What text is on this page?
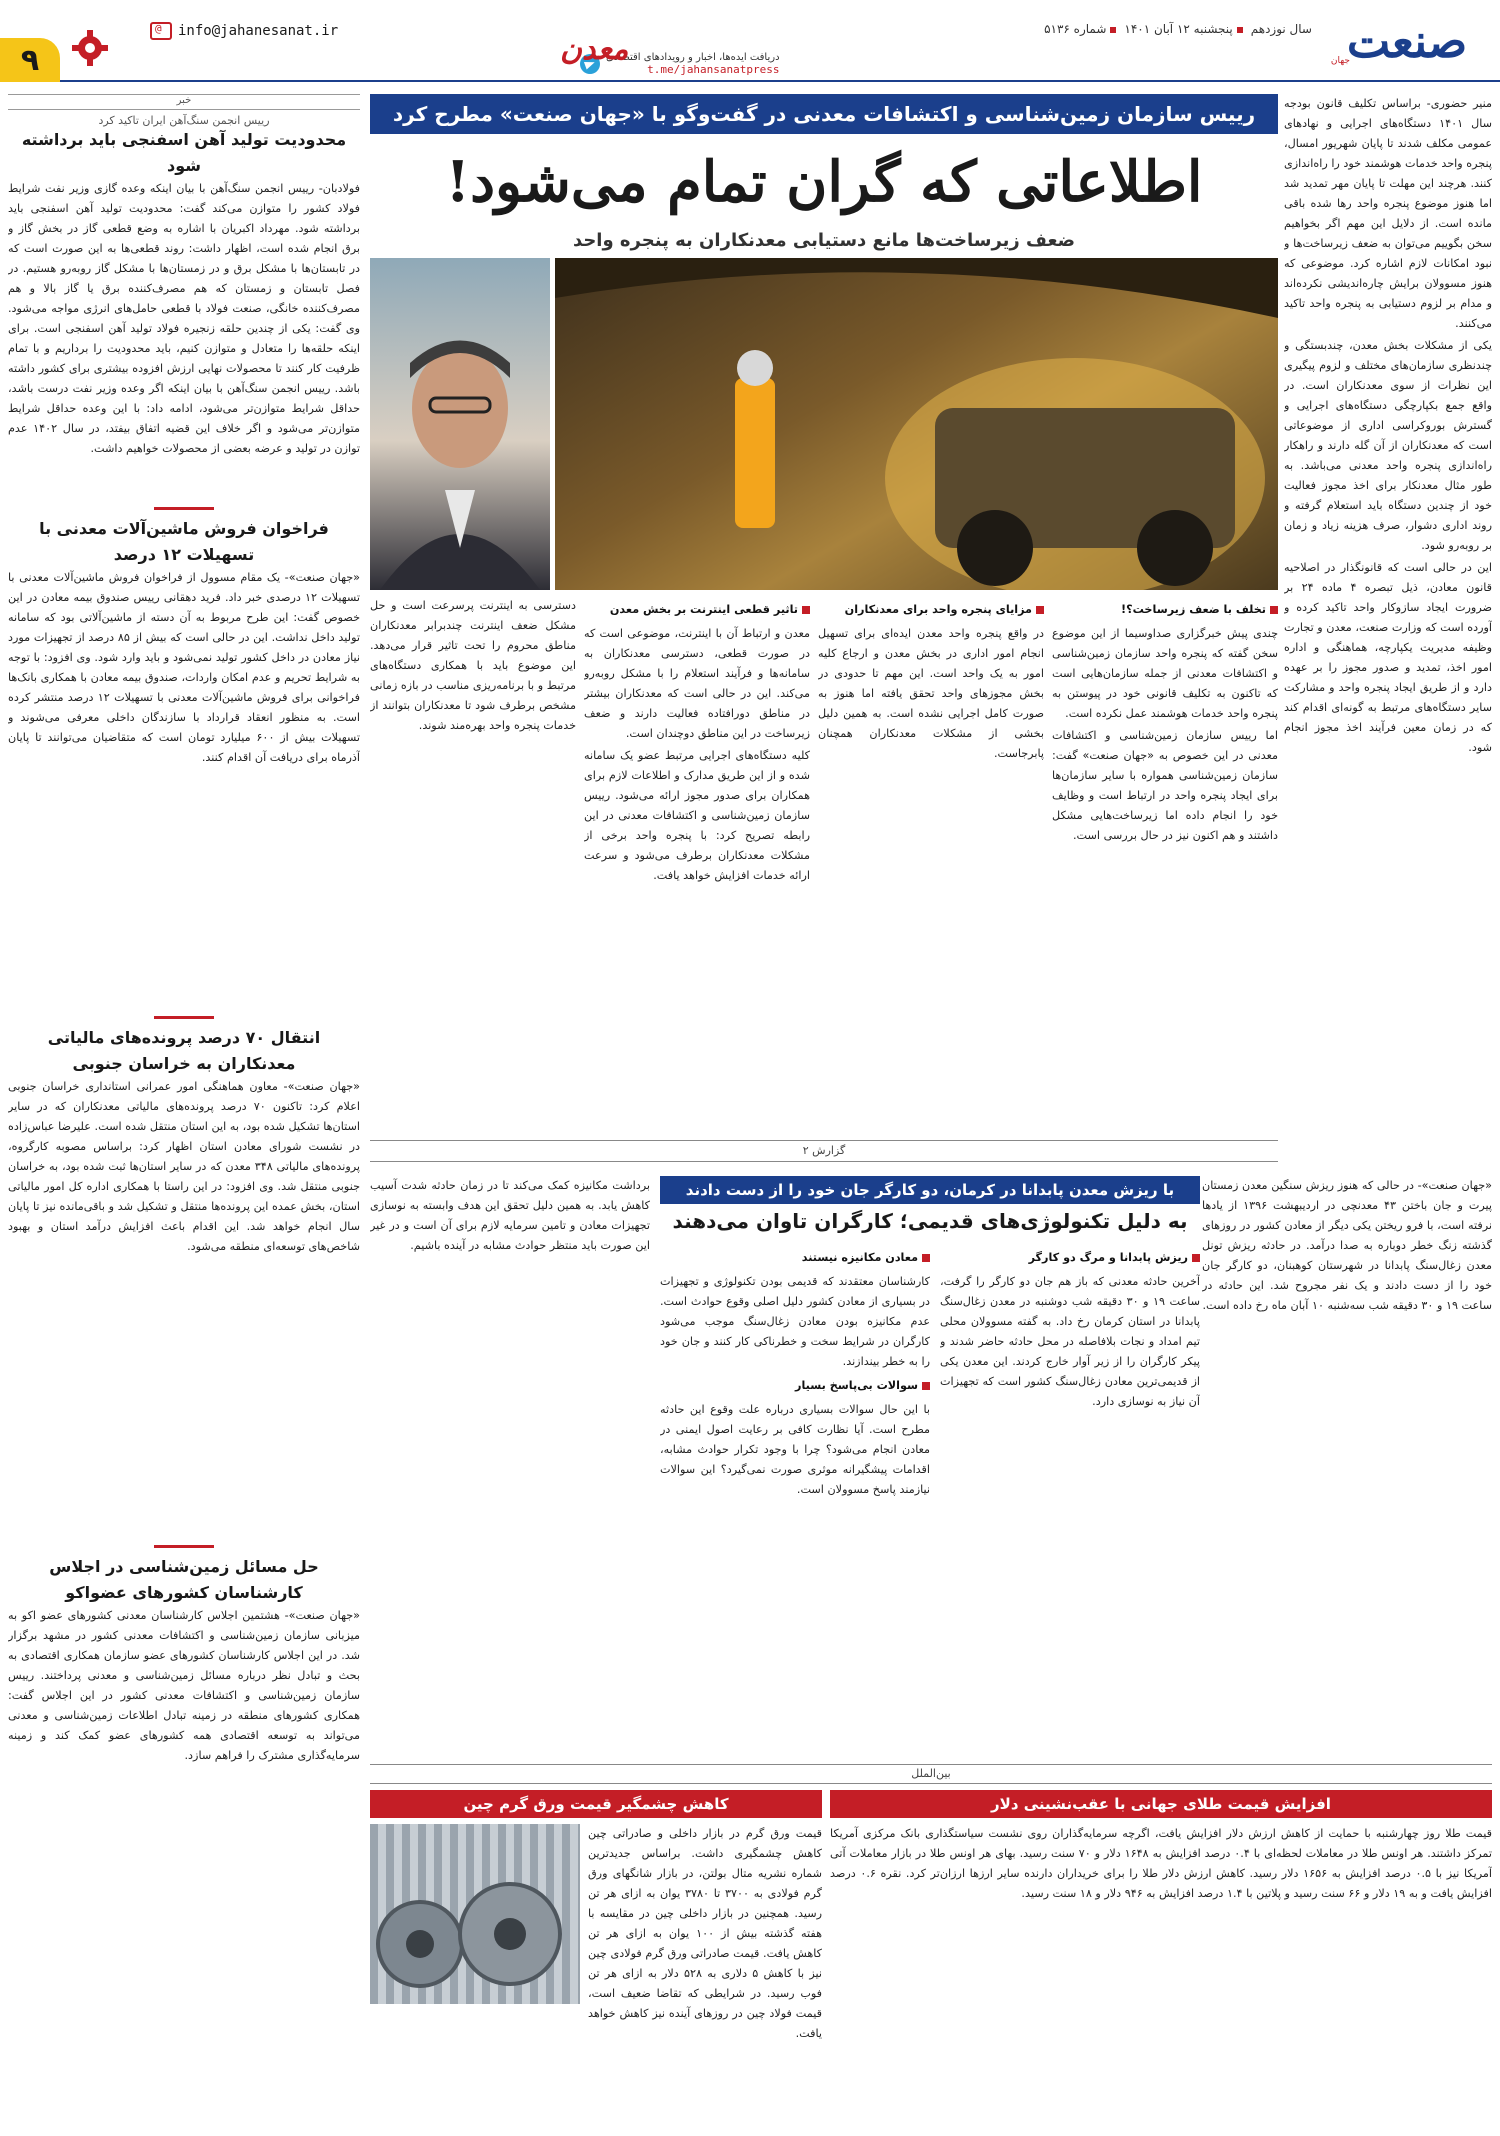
صنعت
جهان
سال نوزدهمپنجشنبه ۱۲ آبان ۱۴۰۱شماره ۵۱۳۶
دریافت ایده‌ها، اخبار و رویدادهای اقتصادی
t.me/jahansanatpress
معدن
info@jahanesanat.ir
@
۹
رییس سازمان زمین‌شناسی و اکتشافات معدنی در گفت‌وگو با «جهان صنعت» مطرح کرد
اطلاعاتی که گران تمام می‌شود!
ضعف زیرساخت‌ها مانع دستیابی معدنکاران به پنجره واحد

منیر حضوری- براساس تکلیف قانون بودجه سال ۱۴۰۱ دستگاه‌های اجرایی و نهادهای عمومی مکلف شدند تا پایان شهریور امسال، پنجره واحد خدمات هوشمند خود را راه‌اندازی کنند. هرچند این مهلت تا پایان مهر تمدید شد اما هنوز موضوع پنجره واحد رها شده باقی مانده است. از دلایل این مهم اگر بخواهیم سخن بگوییم می‌توان به ضعف زیرساخت‌ها و نبود امکانات لازم اشاره کرد. موضوعی که هنوز مسوولان برایش چاره‌اندیشی نکرده‌اند و مدام بر لزوم دستیابی به پنجره واحد تاکید می‌کنند.

یکی از مشکلات بخش معدن، چندبستگی و چندنظری سازمان‌های مختلف و لزوم پیگیری این نظرات از سوی معدنکاران است. در واقع جمع بکپارچگی دستگاه‌های اجرایی و گسترش بوروکراسی اداری از موضوعاتی است که معدنکاران از آن گله دارند و راهکار راه‌اندازی پنجره واحد معدنی می‌باشد. به طور مثال معدنکار برای اخذ مجوز فعالیت خود از چندین دستگاه باید استعلام گرفته و روند اداری دشوار، صرف هزینه زیاد و زمان بر روبه‌رو شود.

این در حالی است که قانونگذار در اصلاحیه قانون معادن، ذیل تبصره ۴ ماده ۲۴ بر ضرورت ایجاد سازوکار واحد تاکید کرده و آورده است که وزارت صنعت، معدن و تجارت وظیفه مدیریت یکپارچه، هماهنگی و اداره امور اخذ، تمدید و صدور مجوز را بر عهده دارد و از طریق ایجاد پنجره واحد و مشارکت سایر دستگاه‌های مرتبط به گونه‌ای اقدام کند که در زمان معین فرآیند اخذ مجوز انجام شود.

تخلف با ضعف زیرساخت؟!

چندی پیش خبرگزاری صداوسیما از این موضوع سخن گفته که پنجره واحد سازمان زمین‌شناسی و اکتشافات معدنی از جمله سازمان‌هایی است که تاکنون به تکلیف قانونی خود در پیوستن به پنجره واحد خدمات هوشمند عمل نکرده است.

اما رییس سازمان زمین‌شناسی و اکتشافات معدنی در این خصوص به «جهان صنعت» گفت: سازمان زمین‌شناسی همواره با سایر سازمان‌ها برای ایجاد پنجره واحد در ارتباط است و وظایف خود را انجام داده اما زیرساخت‌هایی مشکل داشتند و هم اکنون نیز در حال بررسی است.

مزایای پنجره واحد برای معدنکاران

در واقع پنجره واحد معدن ایده‌ای برای تسهیل انجام امور اداری در بخش معدن و ارجاع کلیه امور به یک واحد است. این مهم تا حدودی در بخش مجوزهای واحد تحقق یافته اما هنوز به صورت کامل اجرایی نشده است. به همین دلیل بخشی از مشکلات معدنکاران همچنان پابرجاست.

تاثیر قطعی اینترنت بر بخش معدن

معدن و ارتباط آن با اینترنت، موضوعی است که در صورت قطعی، دسترسی معدنکاران به سامانه‌ها و فرآیند استعلام را با مشکل روبه‌رو می‌کند. این در حالی است که معدنکاران بیشتر در مناطق دورافتاده فعالیت دارند و ضعف زیرساخت در این مناطق دوچندان است.

کلیه دستگاه‌های اجرایی مرتبط عضو یک سامانه شده و از این طریق مدارک و اطلاعات لازم برای همکاران برای صدور مجوز ارائه می‌شود. رییس سازمان زمین‌شناسی و اکتشافات معدنی در این رابطه تصریح کرد: با پنجره واحد برخی از مشکلات معدنکاران برطرف می‌شود و سرعت ارائه خدمات افزایش خواهد یافت.

دسترسی به اینترنت پرسرعت است و حل مشکل ضعف اینترنت چندبرابر معدنکاران مناطق محروم را تحت تاثیر قرار می‌دهد. این موضوع باید با همکاری دستگاه‌های مرتبط و با برنامه‌ریزی مناسب در بازه زمانی مشخص برطرف شود تا معدنکاران بتوانند از خدمات پنجره واحد بهره‌مند شوند.

خبر
رییس انجمن سنگ‌آهن ایران تاکید کرد
محدودیت تولید آهن اسفنجی باید برداشته شود

فولادبان- رییس انجمن سنگ‌آهن با بیان اینکه وعده گازی وزیر نفت شرایط فولاد کشور را متوازن می‌کند گفت: محدودیت تولید آهن اسفنجی باید برداشته شود. مهرداد اکبریان با اشاره به وضع قطعی گاز در بخش گاز و برق انجام شده است، اظهار داشت: روند قطعی‌ها به این صورت است که در تابستان‌ها با مشکل برق و در زمستان‌ها با مشکل گاز روبه‌رو هستیم. در فصل تابستان و زمستان که هم مصرف‌کننده برق یا گاز بالا و هم مصرف‌کننده خانگی، صنعت فولاد با قطعی حامل‌های انرژی مواجه می‌شود. وی گفت: یکی از چندین حلقه زنجیره فولاد تولید آهن اسفنجی است. برای اینکه حلقه‌ها را متعادل و متوازن کنیم، باید محدودیت را برداریم و با تمام ظرفیت کار کنند تا محصولات نهایی ارزش افزوده بیشتری برای کشور داشته باشد. رییس انجمن سنگ‌آهن با بیان اینکه اگر وعده وزیر نفت درست باشد، حداقل شرایط متوازن‌تر می‌شود، ادامه داد: با این وعده حداقل شرایط متوازن‌تر می‌شود و اگر خلاف این قضیه اتفاق بیفتد، در سال ۱۴۰۲ عدم توازن در تولید و عرضه بعضی از محصولات خواهیم داشت.

فراخوان فروش ماشین‌آلات معدنی با تسهیلات ۱۲ درصد

«جهان صنعت»- یک مقام مسوول از فراخوان فروش ماشین‌آلات معدنی با تسهیلات ۱۲ درصدی خبر داد. فرید دهقانی رییس صندوق بیمه معادن در این خصوص گفت: این طرح مربوط به آن دسته از ماشین‌آلاتی بود که سامانه تولید داخل نداشت. این در حالی است که بیش از ۸۵ درصد از تجهیزات مورد نیاز معادن در داخل کشور تولید نمی‌شود و باید وارد شود. وی افزود: با توجه به شرایط تحریم و عدم امکان واردات، صندوق بیمه معادن با همکاری بانک‌ها فراخوانی برای فروش ماشین‌آلات معدنی با تسهیلات ۱۲ درصد منتشر کرده است. به منظور انعقاد قرارداد با سازندگان داخلی معرفی می‌شوند و تسهیلات بیش از ۶۰۰ میلیارد تومان است که متقاضیان می‌توانند تا پایان آذرماه برای دریافت آن اقدام کنند.

انتقال ۷۰ درصد پرونده‌های مالیاتی معدنکاران به خراسان جنوبی

«جهان صنعت»- معاون هماهنگی امور عمرانی استانداری خراسان جنوبی اعلام کرد: تاکنون ۷۰ درصد پرونده‌های مالیاتی معدنکاران که در سایر استان‌ها تشکیل شده بود، به این استان منتقل شده است. علیرضا عباس‌زاده در نشست شورای معادن استان اظهار کرد: براساس مصوبه کارگروه، پرونده‌های مالیاتی ۳۴۸ معدن که در سایر استان‌ها ثبت شده بود، به خراسان جنوبی منتقل شد. وی افزود: در این راستا با همکاری اداره کل امور مالیاتی استان، بخش عمده این پرونده‌ها منتقل و تشکیل شد و باقی‌مانده نیز تا پایان سال انجام خواهد شد. این اقدام باعث افزایش درآمد استان و بهبود شاخص‌های توسعه‌ای منطقه می‌شود.

حل مسائل زمین‌شناسی در اجلاس کارشناسان کشورهای عضواکو

«جهان صنعت»- هشتمین اجلاس کارشناسان معدنی کشورهای عضو اکو به میزبانی سازمان زمین‌شناسی و اکتشافات معدنی کشور در مشهد برگزار شد. در این اجلاس کارشناسان کشورهای عضو سازمان همکاری اقتصادی به بحث و تبادل نظر درباره مسائل زمین‌شناسی و معدنی پرداختند. رییس سازمان زمین‌شناسی و اکتشافات معدنی کشور در این اجلاس گفت: همکاری کشورهای منطقه در زمینه تبادل اطلاعات زمین‌شناسی و معدنی می‌تواند به توسعه اقتصادی همه کشورهای عضو کمک کند و زمینه سرمایه‌گذاری مشترک را فراهم سازد.

گزارش ۲

«جهان صنعت»- در حالی که هنوز ریزش سنگین معدن زمستان پیرت و جان باختن ۴۳ معدنچی در اردیبهشت ۱۳۹۶ از یادها نرفته است، با فرو ریختن یکی دیگر از معادن کشور در روزهای گذشته زنگ خطر دوباره به صدا درآمد. در حادثه ریزش تونل معدن زغال‌سنگ پابدانا در شهرستان کوهبنان، دو کارگر جان خود را از دست دادند و یک نفر مجروح شد. این حادثه در ساعت ۱۹ و ۳۰ دقیقه شب سه‌شنبه ۱۰ آبان ماه رخ داده است.

با ریزش معدن پابدانا در کرمان، دو کارگر جان خود را از دست دادند
به دلیل تکنولوژی‌های قدیمی؛ کارگران تاوان می‌دهند
ریزش پابدانا و مرگ دو کارگر

آخرین حادثه معدنی که باز هم جان دو کارگر را گرفت، ساعت ۱۹ و ۳۰ دقیقه شب دوشنبه در معدن زغال‌سنگ پابدانا در استان کرمان رخ داد. به گفته مسوولان محلی تیم امداد و نجات بلافاصله در محل حادثه حاضر شدند و پیکر کارگران را از زیر آوار خارج کردند. این معدن یکی از قدیمی‌ترین معادن زغال‌سنگ کشور است که تجهیزات آن نیاز به نوسازی دارد.

معادن مکانیزه نیستند

کارشناسان معتقدند که قدیمی بودن تکنولوژی و تجهیزات در بسیاری از معادن کشور دلیل اصلی وقوع حوادث است. عدم مکانیزه بودن معادن زغال‌سنگ موجب می‌شود کارگران در شرایط سخت و خطرناکی کار کنند و جان خود را به خطر بیندازند.

سوالات بی‌پاسخ بسیار

با این حال سوالات بسیاری درباره علت وقوع این حادثه مطرح است. آیا نظارت کافی بر رعایت اصول ایمنی در معادن انجام می‌شود؟ چرا با وجود تکرار حوادث مشابه، اقدامات پیشگیرانه موثری صورت نمی‌گیرد؟ این سوالات نیازمند پاسخ مسوولان است.

برداشت مکانیزه کمک می‌کند تا در زمان حادثه شدت آسیب کاهش یابد. به همین دلیل تحقق این هدف وابسته به نوسازی تجهیزات معادن و تامین سرمایه لازم برای آن است و در غیر این صورت باید منتظر حوادث مشابه در آینده باشیم.

بین‌الملل
افزایش قیمت طلای جهانی با عقب‌نشینی دلار

قیمت طلا روز چهارشنبه با حمایت از کاهش ارزش دلار افزایش یافت، اگرچه سرمایه‌گذاران روی نشست سیاستگذاری بانک مرکزی آمریکا تمرکز داشتند. هر اونس طلا در معاملات لحظه‌ای با ۰.۴ درصد افزایش به ۱۶۴۸ دلار و ۷۰ سنت رسید. بهای هر اونس طلا در بازار معاملات آتی آمریکا نیز با ۰.۵ درصد افزایش به ۱۶۵۶ دلار رسید. کاهش ارزش دلار طلا را برای خریداران دارنده سایر ارزها ارزان‌تر کرد. نقره ۰.۶ درصد افزایش یافت و به ۱۹ دلار و ۶۶ سنت رسید و پلاتین با ۱.۴ درصد افزایش به ۹۴۶ دلار و ۱۸ سنت رسید.

کاهش چشمگیر قیمت ورق گرم چین

قیمت ورق گرم در بازار داخلی و صادراتی چین کاهش چشمگیری داشت. براساس جدیدترین شماره نشریه متال بولتن، در بازار شانگهای ورق گرم فولادی به ۳۷۰۰ تا ۳۷۸۰ یوان به ازای هر تن رسید. همچنین در بازار داخلی چین در مقایسه با هفته گذشته بیش از ۱۰۰ یوان به ازای هر تن کاهش یافت. قیمت صادراتی ورق گرم فولادی چین نیز با کاهش ۵ دلاری به ۵۲۸ دلار به ازای هر تن فوب رسید. در شرایطی که تقاضا ضعیف است، قیمت فولاد چین در روزهای آینده نیز کاهش خواهد یافت.
